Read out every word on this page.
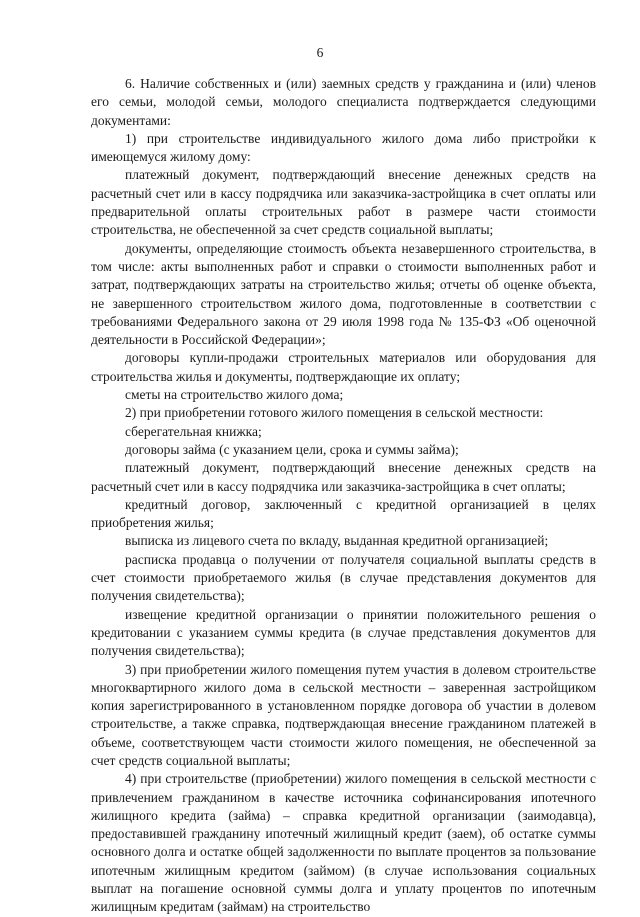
6

6. Наличие собственных и (или) заемных средств у гражданина и (или) членов его семьи, молодой семьи, молодого специалиста подтверждается следующими документами:

1) при строительстве индивидуального жилого дома либо пристройки к имеющемуся жилому дому:

платежный документ, подтверждающий внесение денежных средств на расчетный счет или в кассу подрядчика или заказчика-застройщика в счет оплаты или предварительной оплаты строительных работ в размере части стоимости строительства, не обеспеченной за счет средств социальной выплаты;

документы, определяющие стоимость объекта незавершенного строительства, в том числе: акты выполненных работ и справки о стоимости выполненных работ и затрат, подтверждающих затраты на строительство жилья; отчеты об оценке объекта, не завершенного строительством жилого дома, подготовленные в соответствии с требованиями Федерального закона от 29 июля 1998 года № 135-ФЗ «Об оценочной деятельности в Российской Федерации»;

договоры купли-продажи строительных материалов или оборудования для строительства жилья и документы, подтверждающие их оплату;

сметы на строительство жилого дома;

2) при приобретении готового жилого помещения в сельской местности:

сберегательная книжка;

договоры займа (с указанием цели, срока и суммы займа);

платежный документ, подтверждающий внесение денежных средств на расчетный счет или в кассу подрядчика или заказчика-застройщика в счет оплаты;

кредитный договор, заключенный с кредитной организацией в целях приобретения жилья;

выписка из лицевого счета по вкладу, выданная кредитной организацией;

расписка продавца о получении от получателя социальной выплаты средств в счет стоимости приобретаемого жилья (в случае представления документов для получения свидетельства);

извещение кредитной организации о принятии положительного решения о кредитовании с указанием суммы кредита (в случае представления документов для получения свидетельства);

3) при приобретении жилого помещения путем участия в долевом строительстве многоквартирного жилого дома в сельской местности – заверенная застройщиком копия зарегистрированного в установленном порядке договора об участии в долевом строительстве, а также справка, подтверждающая внесение гражданином платежей в объеме, соответствующем части стоимости жилого помещения, не обеспеченной за счет средств социальной выплаты;

4) при строительстве (приобретении) жилого помещения в сельской местности с привлечением гражданином в качестве источника софинансирования ипотечного жилищного кредита (займа) – справка кредитной организации (заимодавца), предоставившей гражданину ипотечный жилищный кредит (заем), об остатке суммы основного долга и остатке общей задолженности по выплате процентов за пользование ипотечным жилищным кредитом (займом) (в случае использования социальных выплат на погашение основной суммы долга и уплату процентов по ипотечным жилищным кредитам (займам) на строительство
